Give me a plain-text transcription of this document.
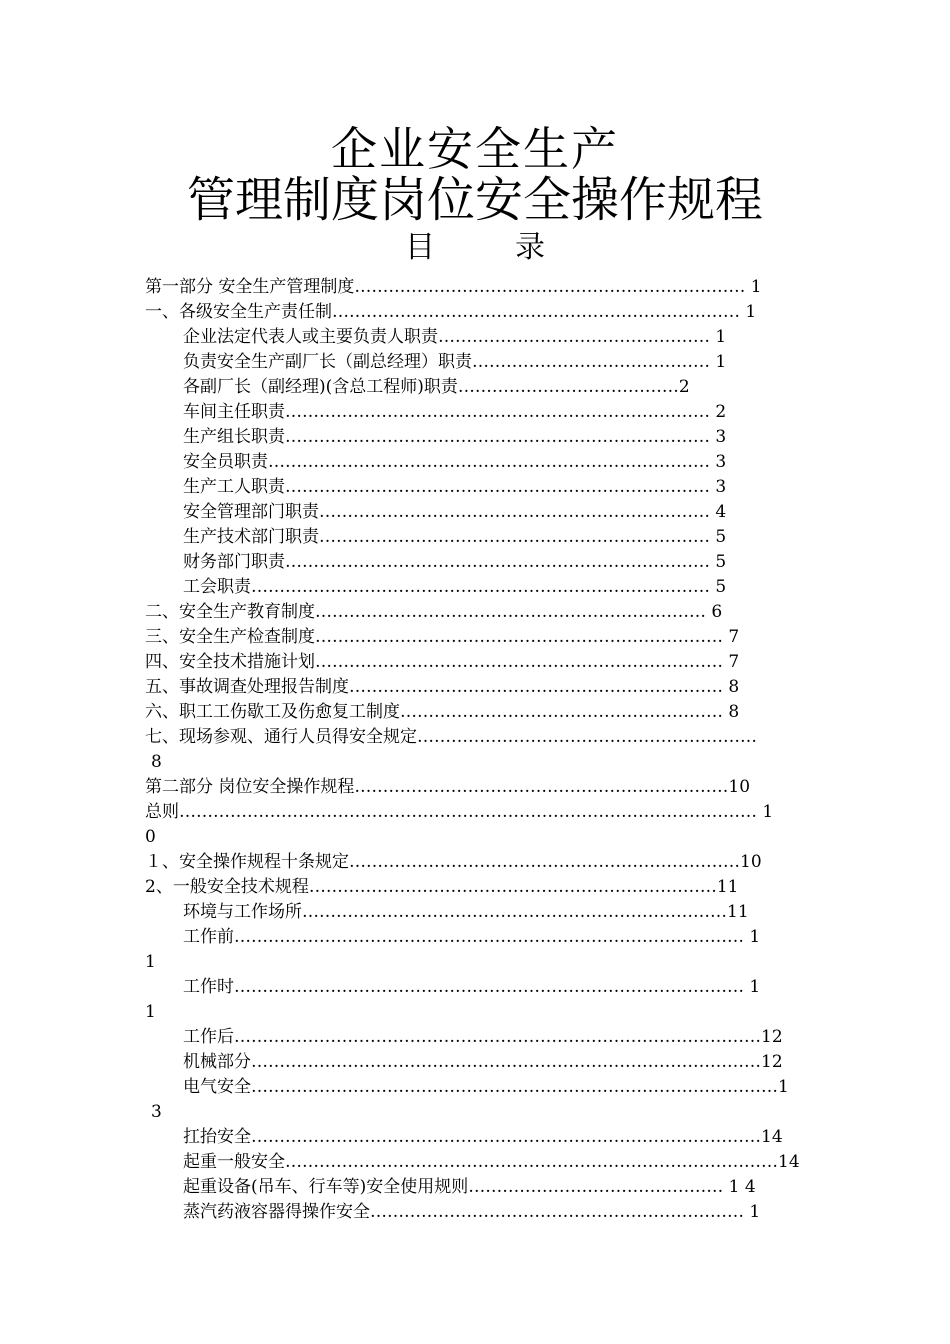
企业安全生产
管理制度岗位安全操作规程
目录
第一部分 安全生产管理制度…………………………………………………………… 1
一、各级安全生产责任制……………………………………………………………… 1
企业法定代表人或主要负责人职责………………………………………… 1
负责安全生产副厂长（副总经理）职责…………………………………… 1
各副厂长（副经理)(含总工程师)职责…………………………………2
车间主任职责………………………………………………………………… 2
生产组长职责………………………………………………………………… 3
安全员职责…………………………………………………………………… 3
生产工人职责………………………………………………………………… 3
安全管理部门职责…………………………………………………………… 4
生产技术部门职责…………………………………………………………… 5
财务部门职责………………………………………………………………… 5
工会职责……………………………………………………………………… 5
二、安全生产教育制度…………………………………………………………… 6
三、安全生产检查制度……………………………………………………………… 7
四、安全技术措施计划……………………………………………………………… 7
五、事故调查处理报告制度………………………………………………………… 8
六、职工工伤歇工及伤愈复工制度………………………………………………… 8
七、现场参观、通行人员得安全规定……………………………………………………
8
第二部分 岗位安全操作规程…………………………………………………………10
总则………………………………………………………………………………………… 1
0
１、安全操作规程十条规定……………………………………………………………10
2、一般安全技术规程………………………………………………………………11
环境与工作场所…………………………………………………………………11
工作前……………………………………………………………………………… 1
1
工作时……………………………………………………………………………… 1
1
工作后…………………………………………………………………………………12
机械部分………………………………………………………………………………12
电气安全…………………………………………………………………………………1
3
扛抬安全………………………………………………………………………………14
起重一般安全……………………………………………………………………………14
起重设备(吊车、行车等)安全使用规则……………………………………… 1 4
蒸汽药液容器得操作安全………………………………………………………… 1
